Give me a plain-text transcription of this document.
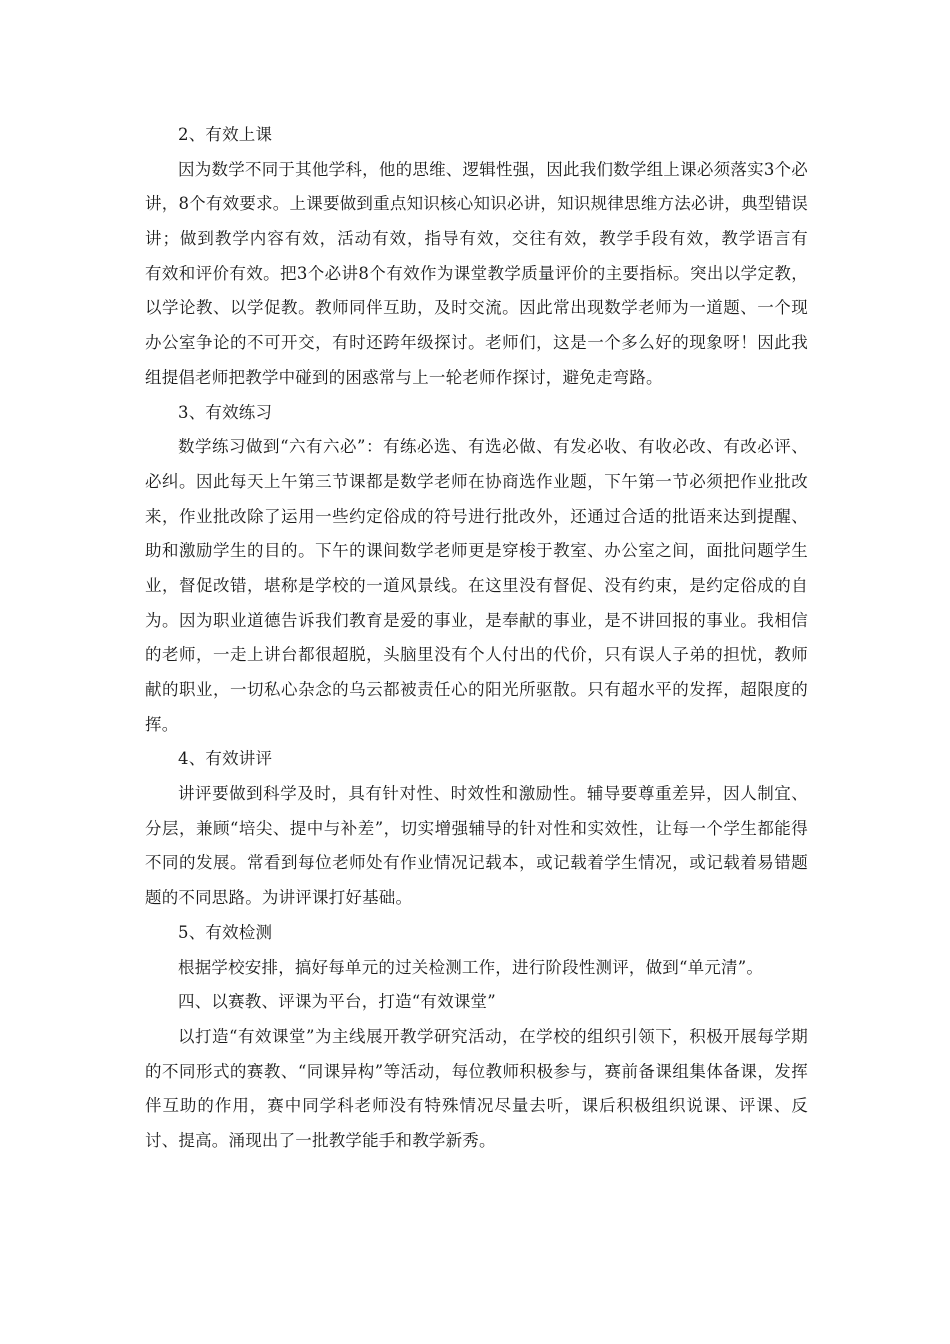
2、有效上课
因为数学不同于其他学科，他的思维、逻辑性强，因此我们数学组上课必须落实3个必
讲，8个有效要求。上课要做到重点知识核心知识必讲，知识规律思维方法必讲，典型错误
讲；做到教学内容有效，活动有效，指导有效，交往有效，教学手段有效，教学语言有
有效和评价有效。把3个必讲8个有效作为课堂教学质量评价的主要指标。突出以学定教，
以学论教、以学促教。教师同伴互助，及时交流。因此常出现数学老师为一道题、一个现
办公室争论的不可开交，有时还跨年级探讨。老师们，这是一个多么好的现象呀！因此我
组提倡老师把教学中碰到的困惑常与上一轮老师作探讨，避免走弯路。
3、有效练习
数学练习做到“六有六必”：有练必选、有选必做、有发必收、有收必改、有改必评、
必纠。因此每天上午第三节课都是数学老师在协商选作业题，下午第一节必须把作业批改
来，作业批改除了运用一些约定俗成的符号进行批改外，还通过合适的批语来达到提醒、
助和激励学生的目的。下午的课间数学老师更是穿梭于教室、办公室之间，面批问题学生
业，督促改错，堪称是学校的一道风景线。在这里没有督促、没有约束，是约定俗成的自
为。因为职业道德告诉我们教育是爱的事业，是奉献的事业，是不讲回报的事业。我相信
的老师，一走上讲台都很超脱，头脑里没有个人付出的代价，只有误人子弟的担忧，教师
献的职业，一切私心杂念的乌云都被责任心的阳光所驱散。只有超水平的发挥，超限度的
挥。
4、有效讲评
讲评要做到科学及时，具有针对性、时效性和激励性。辅导要尊重差异，因人制宜、
分层，兼顾“培尖、提中与补差”，切实增强辅导的针对性和实效性，让每一个学生都能得
不同的发展。常看到每位老师处有作业情况记载本，或记载着学生情况，或记载着易错题
题的不同思路。为讲评课打好基础。
5、有效检测
根据学校安排，搞好每单元的过关检测工作，进行阶段性测评，做到“单元清”。
四、以赛教、评课为平台，打造“有效课堂”
以打造“有效课堂”为主线展开教学研究活动，在学校的组织引领下，积极开展每学期
的不同形式的赛教、“同课异构”等活动，每位教师积极参与，赛前备课组集体备课，发挥
伴互助的作用，赛中同学科老师没有特殊情况尽量去听，课后积极组织说课、评课、反
讨、提高。涌现出了一批教学能手和教学新秀。
